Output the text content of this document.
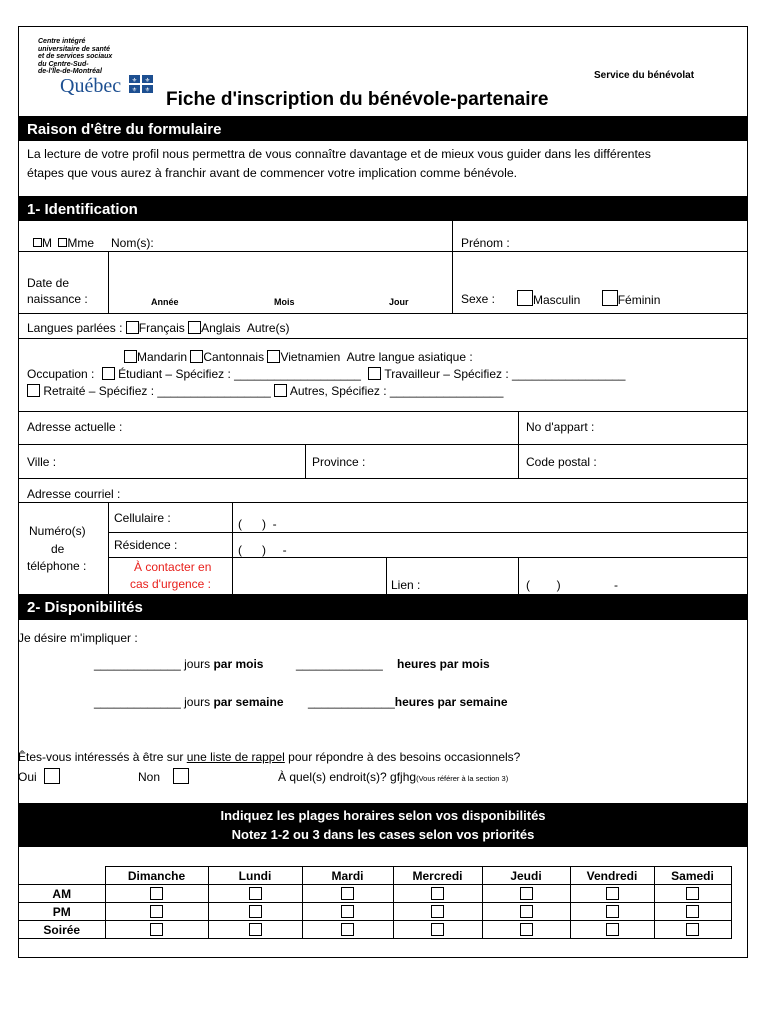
Centre intégré
universitaire de santé
et de services sociaux
du Centre-Sud-
de-l'Île-de-Montréal
Québec ⚜ ⚜
⚜ ⚜
Service du bénévolat
Fiche d'inscription du bénévole-partenaire
Raison d'être du formulaire
La lecture de votre profil nous permettra de vous connaître davantage et de mieux vous guider dans les différentes
étapes que vous aurez à franchir avant de commencer votre implication comme bénévole.
1- Identification
M Mme Nom(s):	Prénom :
Date de
naissance :	Année	Mois	Jour	Sexe :	Masculin	Féminin
Langues parlées : Français Anglais Autre(s)
Mandarin Cantonnais Vietnamien Autre langue asiatique :
Occupation : Étudiant – Spécifiez : ___________________ Travailleur – Spécifiez : _________________
Retraité – Spécifiez : _________________ Autres, Spécifiez : _________________
Adresse actuelle :	No d'appart :
Ville :	Province :	Code postal :
Adresse courriel :
Numéro(s)
de
téléphone :
Cellulaire :	(      )  -
Résidence :	(      )     -
À contacter en
cas d'urgence :	Lien :	(        )                -
2- Disponibilités
Je désire m'impliquer :
_____________ jours par mois	_____________ heures par mois
_____________ jours par semaine _____________heures par semaine
Êtes-vous intéressés à être sur une liste de rappel pour répondre à des besoins occasionnels?
Oui	Non	À quel(s) endroit(s)? gfjhg(Vous référer à la section 3)
Indiquez les plages horaires selon vos disponibilités
Notez 1-2 ou 3 dans les cases selon vos priorités
	Dimanche	Lundi	Mardi	Mercredi	Jeudi	Vendredi	Samedi
AM							
PM							
Soirée							
